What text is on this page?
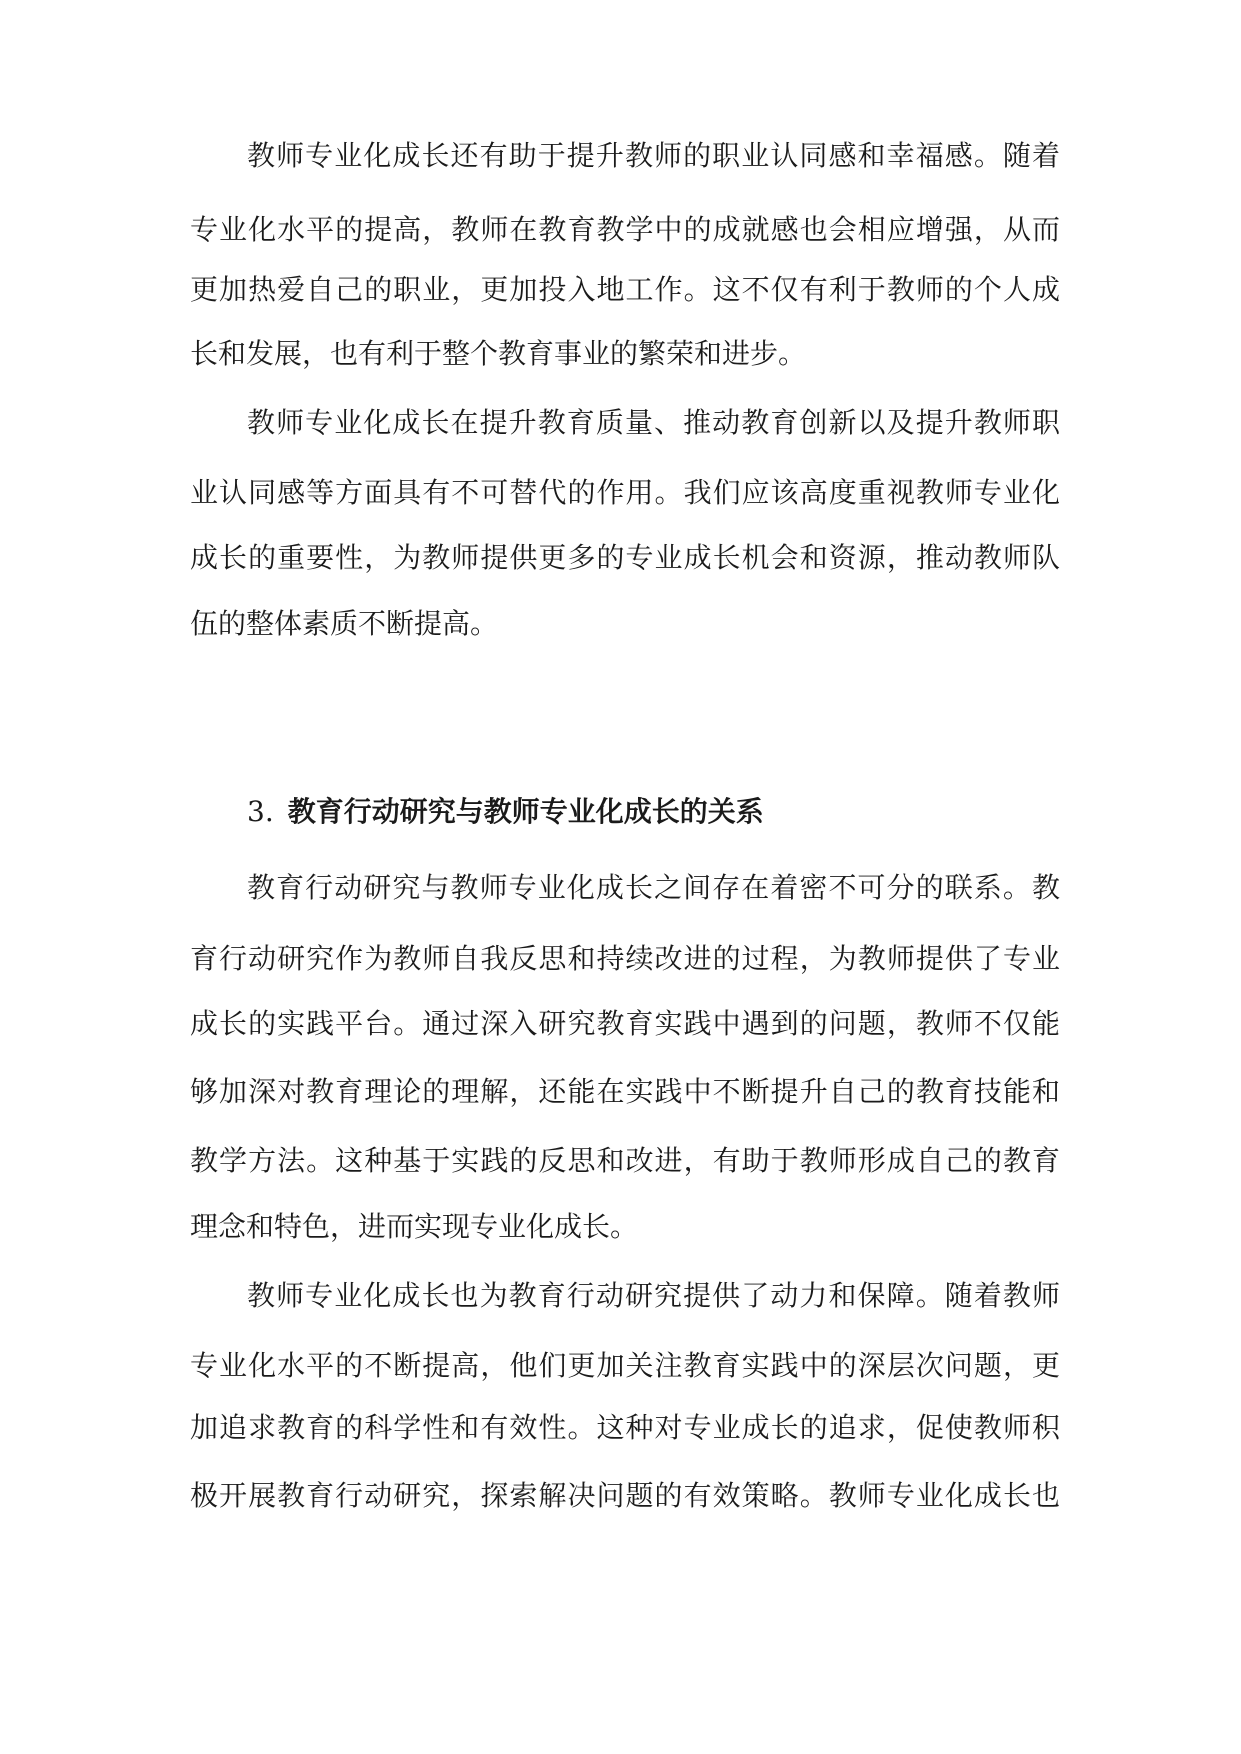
教师专业化成长还有助于提升教师的职业认同感和幸福感。随着
专业化水平的提高，教师在教育教学中的成就感也会相应增强，从而
更加热爱自己的职业，更加投入地工作。这不仅有利于教师的个人成
长和发展，也有利于整个教育事业的繁荣和进步。
教师专业化成长在提升教育质量、推动教育创新以及提升教师职
业认同感等方面具有不可替代的作用。我们应该高度重视教师专业化
成长的重要性，为教师提供更多的专业成长机会和资源，推动教师队
伍的整体素质不断提高。
3. 教育行动研究与教师专业化成长的关系
教育行动研究与教师专业化成长之间存在着密不可分的联系。教
育行动研究作为教师自我反思和持续改进的过程，为教师提供了专业
成长的实践平台。通过深入研究教育实践中遇到的问题，教师不仅能
够加深对教育理论的理解，还能在实践中不断提升自己的教育技能和
教学方法。这种基于实践的反思和改进，有助于教师形成自己的教育
理念和特色，进而实现专业化成长。
教师专业化成长也为教育行动研究提供了动力和保障。随着教师
专业化水平的不断提高，他们更加关注教育实践中的深层次问题，更
加追求教育的科学性和有效性。这种对专业成长的追求，促使教师积
极开展教育行动研究，探索解决问题的有效策略。教师专业化成长也
